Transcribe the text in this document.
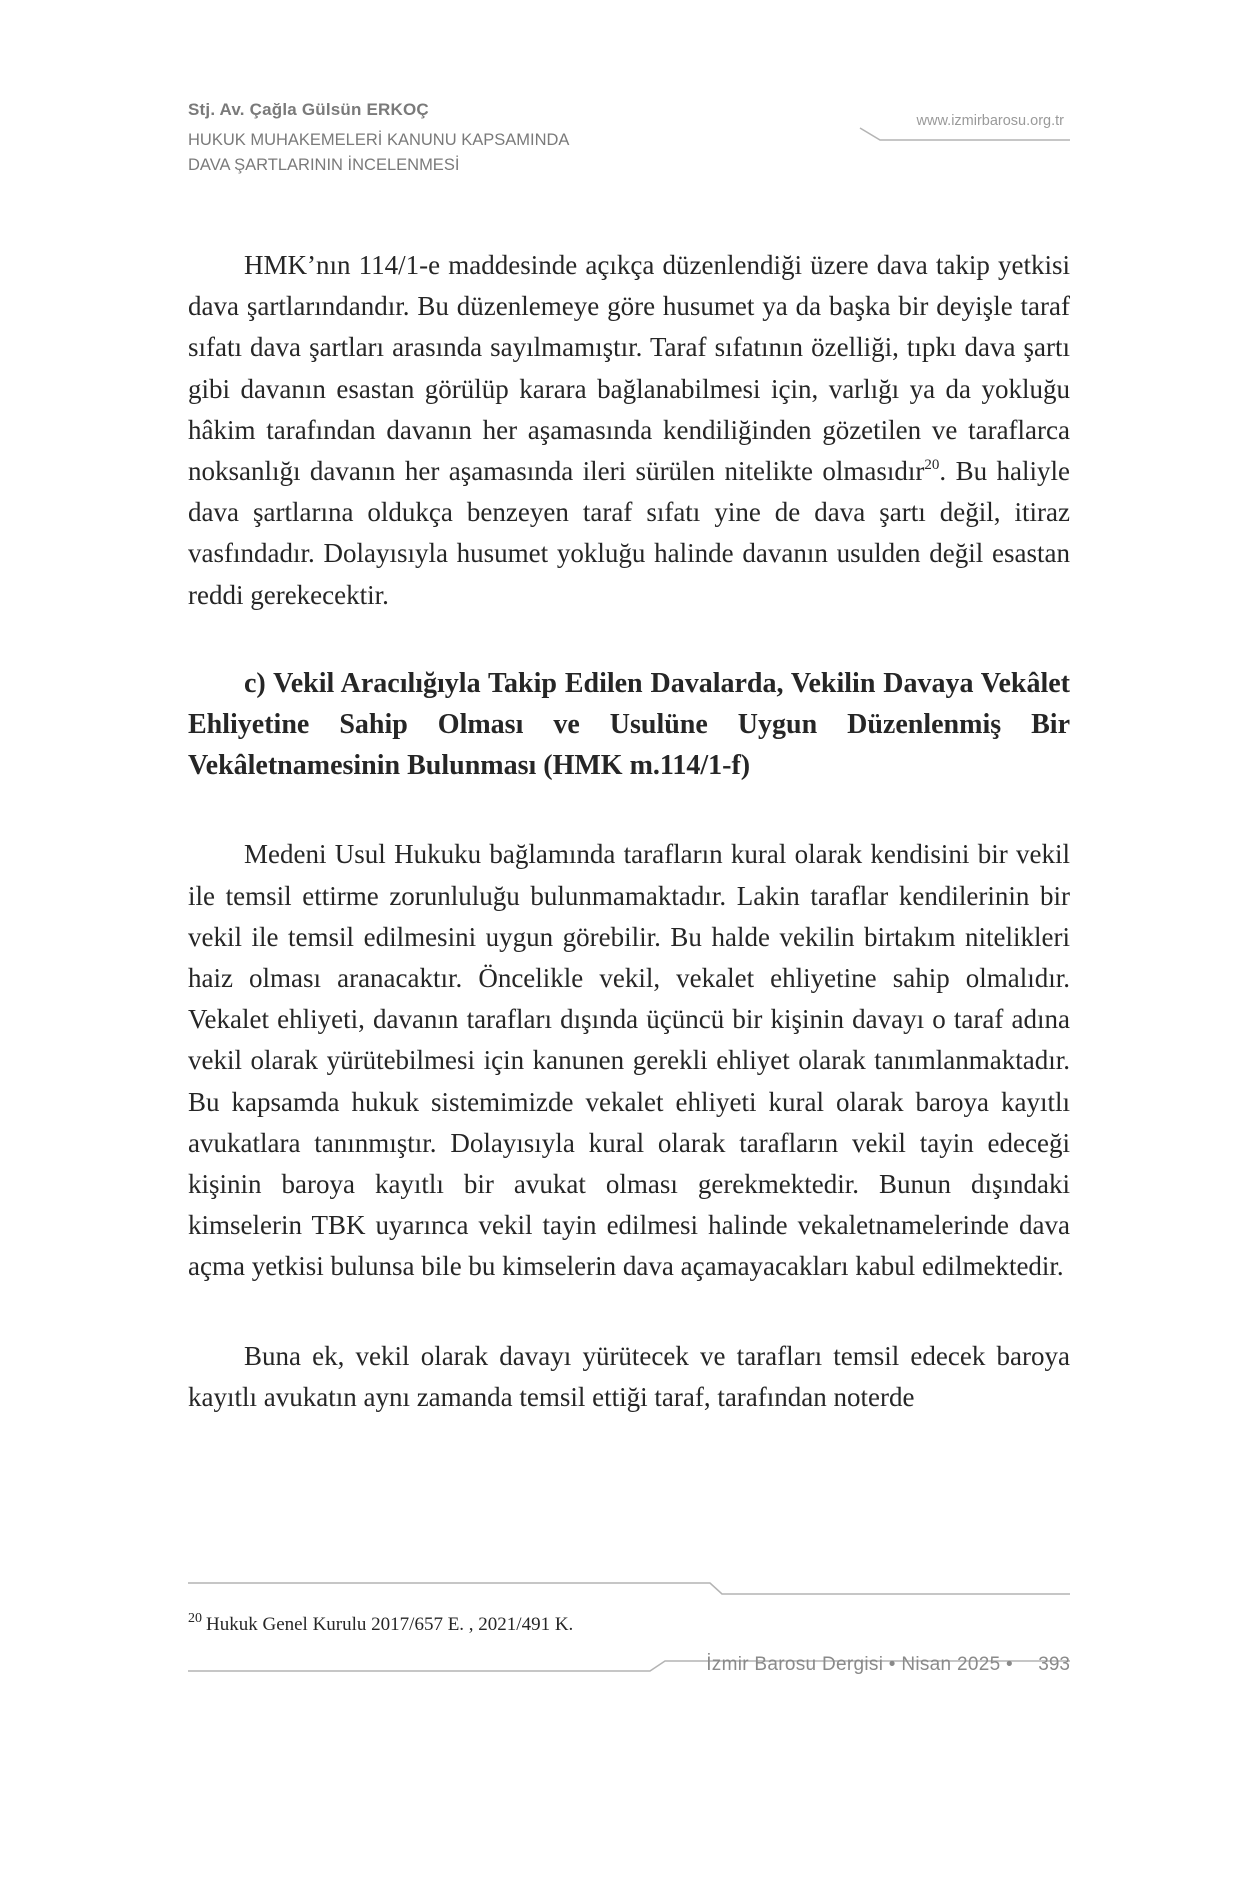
Stj. Av. Çağla Gülsün ERKOÇ
HUKUK MUHAKEMELERİ KANUNU KAPSAMINDA
DAVA ŞARTLARININ İNCELENMESİ
www.izmirbarosu.org.tr

HMK’nın 114/1-e maddesinde açıkça düzenlendiği üzere dava takip yetkisi dava şartlarındandır. Bu düzenlemeye göre husumet ya da başka bir deyişle taraf sıfatı dava şartları arasında sayılmamıştır. Taraf sıfatının özelliği, tıpkı dava şartı gibi davanın esastan görülüp karara bağlanabilmesi için, varlığı ya da yokluğu hâkim tarafından davanın her aşamasında kendiliğinden gözetilen ve taraflarca noksanlığı davanın her aşamasında ileri sürülen nitelikte olmasıdır$^{20}$. Bu haliyle dava şartlarına oldukça benzeyen taraf sıfatı yine de dava şartı değil, itiraz vasfındadır. Dolayısıyla husumet yokluğu halinde davanın usulden değil esastan reddi gerekecektir.

c) Vekil Aracılığıyla Takip Edilen Davalarda, Vekilin Davaya Vekâlet Ehliyetine Sahip Olması ve Usulüne Uygun Düzenlenmiş Bir Vekâletnamesinin Bulunması (HMK m.114/1-f)

Medeni Usul Hukuku bağlamında tarafların kural olarak kendisini bir vekil ile temsil ettirme zorunluluğu bulunmamaktadır. Lakin taraflar kendilerinin bir vekil ile temsil edilmesini uygun görebilir. Bu halde vekilin birtakım nitelikleri haiz olması aranacaktır. Öncelikle vekil, vekalet ehliyetine sahip olmalıdır. Vekalet ehliyeti, davanın tarafları dışında üçüncü bir kişinin davayı o taraf adına vekil olarak yürütebilmesi için kanunen gerekli ehliyet olarak tanımlanmaktadır. Bu kapsamda hukuk sistemimizde vekalet ehliyeti kural olarak baroya kayıtlı avukatlara tanınmıştır. Dolayısıyla kural olarak tarafların vekil tayin edeceği kişinin baroya kayıtlı bir avukat olması gerekmektedir. Bunun dışındaki kimselerin TBK uyarınca vekil tayin edilmesi halinde vekaletnamelerinde dava açma yetkisi bulunsa bile bu kimselerin dava açamayacakları kabul edilmektedir.

Buna ek, vekil olarak davayı yürütecek ve tarafları temsil edecek baroya kayıtlı avukatın aynı zamanda temsil ettiği taraf, tarafından noterde

$^{20}$ Hukuk Genel Kurulu 2017/657 E. , 2021/491 K.
İzmir Barosu Dergisi • Nisan 2025 • 393
